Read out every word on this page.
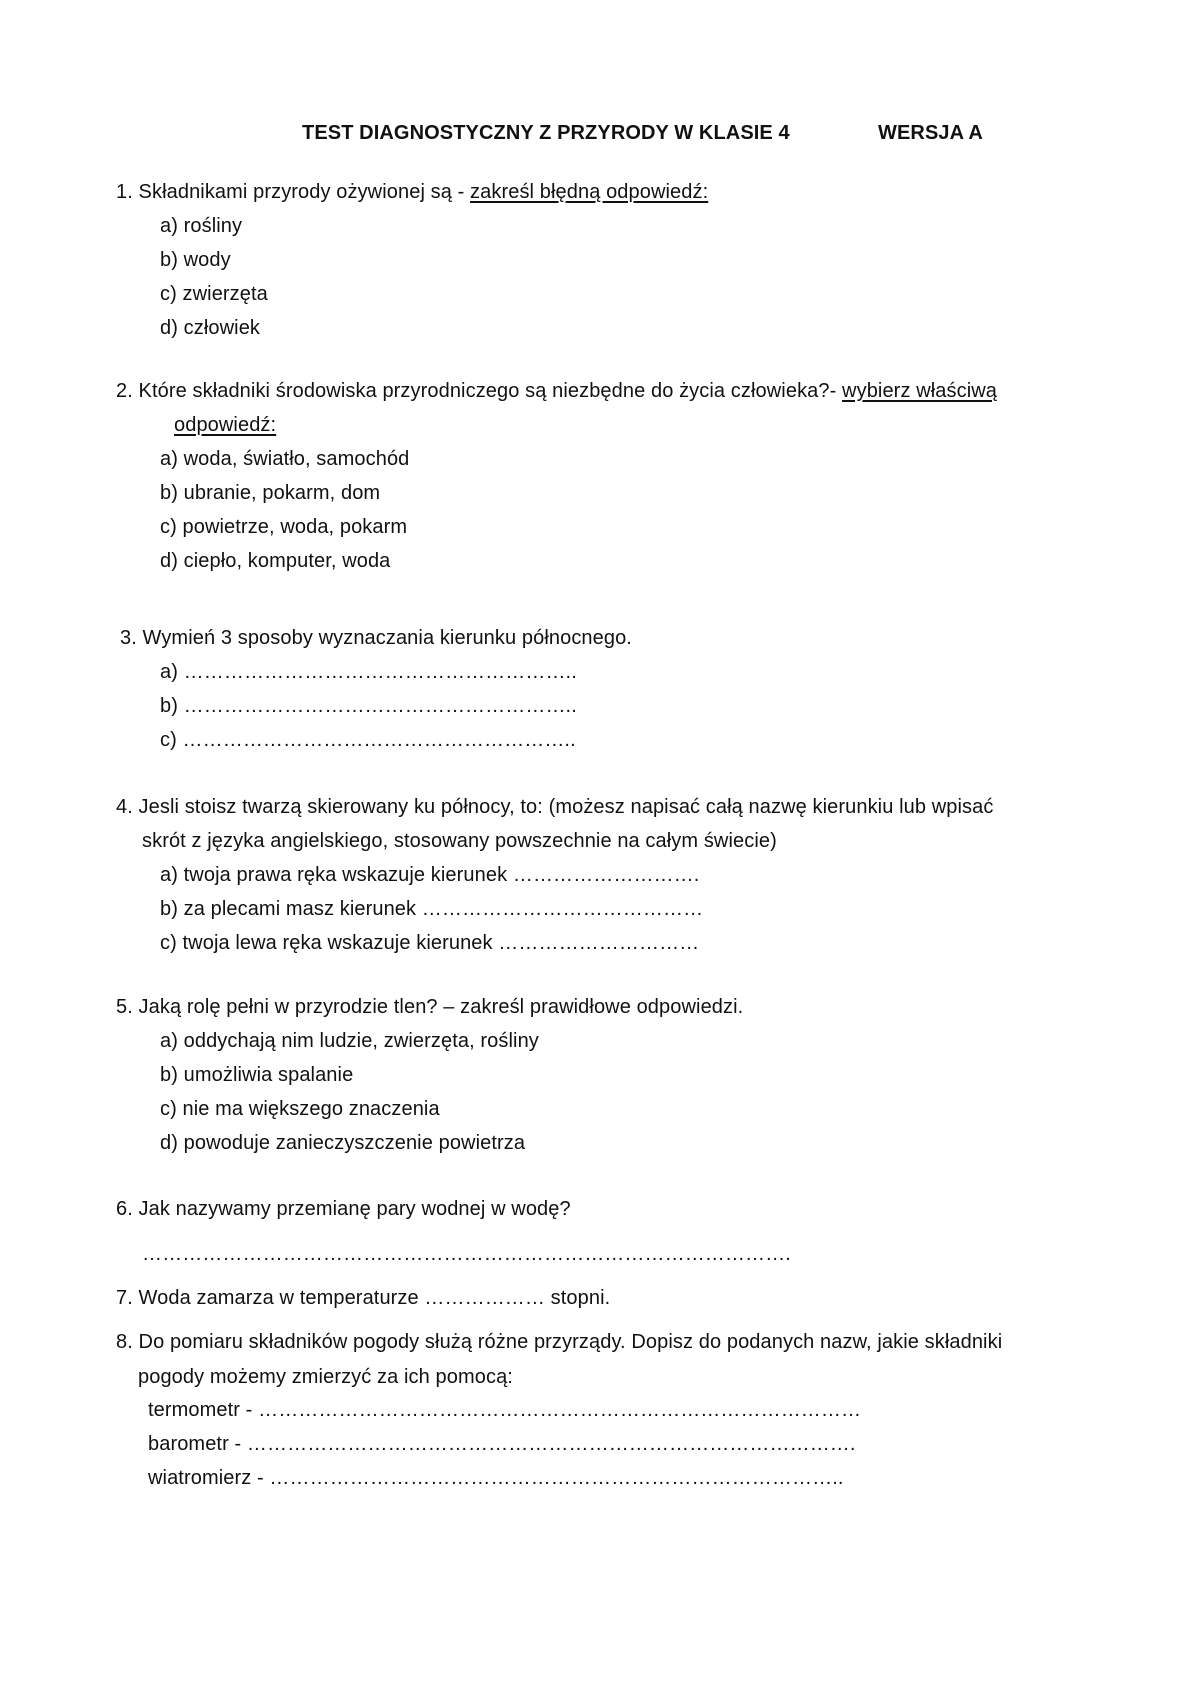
TEST DIAGNOSTYCZNY Z PRZYRODY W KLASIE 4	WERSJA A
1. Składnikami przyrody ożywionej są - zakreśl błędną odpowiedź:
a) rośliny
b) wody
c) zwierzęta
d) człowiek
2. Które składniki środowiska przyrodniczego są niezbędne do życia człowieka?- wybierz właściwą
odpowiedź:
a) woda, światło, samochód
b) ubranie, pokarm, dom
c) powietrze, woda, pokarm
d) ciepło, komputer, woda
3. Wymień 3 sposoby wyznaczania kierunku północnego.
a) …………………………………………………..
b) …………………………………………………..
c) …………………………………………………..
4. Jesli stoisz twarzą skierowany ku północy, to: (możesz napisać całą nazwę kierunkiu lub wpisać
skrót z języka angielskiego, stosowany powszechnie na całym świecie)
a) twoja prawa ręka wskazuje kierunek ……………………….
b) za plecami masz kierunek ……………………………………
c) twoja lewa ręka wskazuje kierunek …………………………
5. Jaką rolę pełni w przyrodzie tlen? – zakreśl prawidłowe odpowiedzi.
a) oddychają nim ludzie, zwierzęta, rośliny
b) umożliwia spalanie
c) nie ma większego znaczenia
d) powoduje zanieczyszczenie powietrza
6. Jak nazywamy przemianę pary wodnej w wodę?
…………………………………………………………………………………….
7. Woda zamarza w temperaturze ……………… stopni.
8. Do pomiaru składników pogody służą różne przyrządy. Dopisz do podanych nazw, jakie składniki
pogody możemy zmierzyć za ich pomocą:
termometr - ………………………………………………………………………………
barometr - ……………………………………………………………………………….
wiatromierz - …………………………………………………………………………..
